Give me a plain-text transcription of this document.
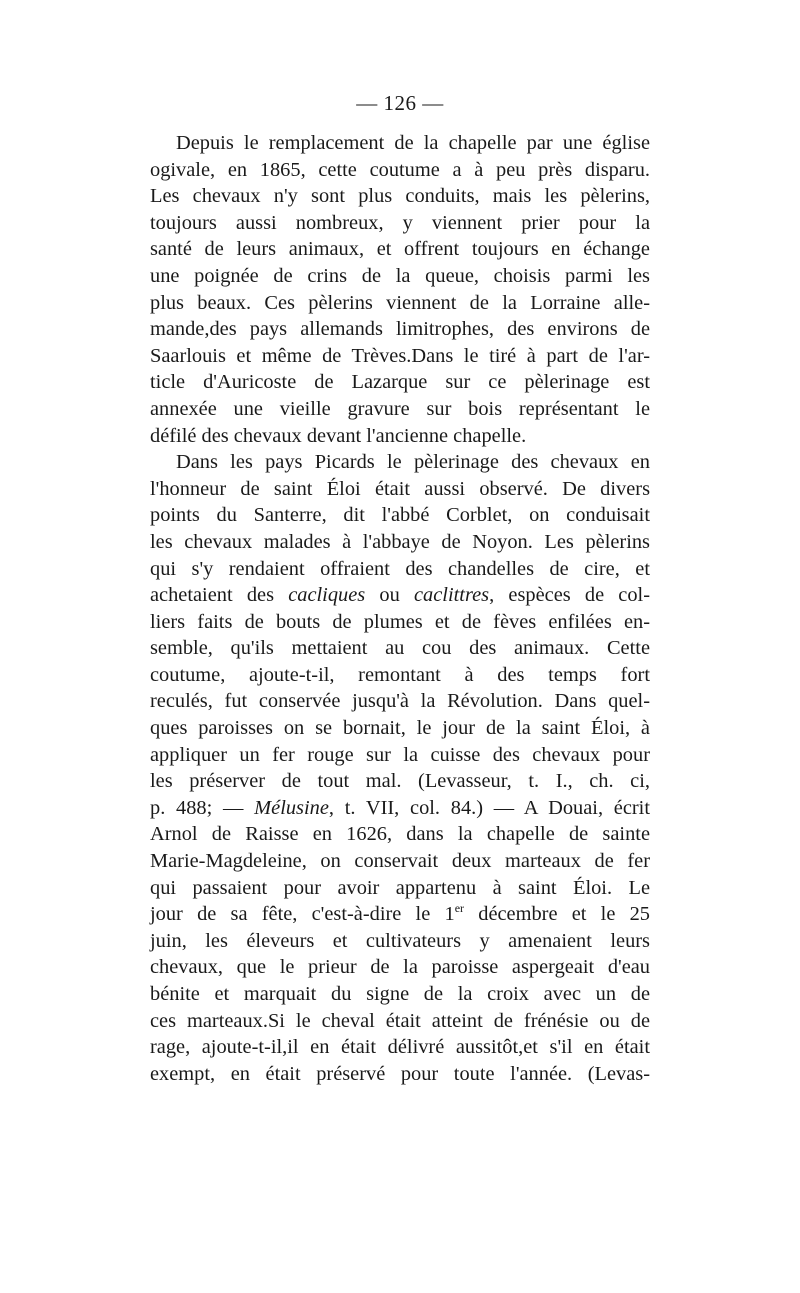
— 126 —
Depuis le remplacement de la chapelle par une église
ogivale, en 1865, cette coutume a à peu près disparu.
Les chevaux n'y sont plus conduits, mais les pèlerins,
toujours aussi nombreux, y viennent prier pour la
santé de leurs animaux, et offrent toujours en échange
une poignée de crins de la queue, choisis parmi les
plus beaux. Ces pèlerins viennent de la Lorraine alle-
mande,des pays allemands limitrophes, des environs de
Saarlouis et même de Trèves.Dans le tiré à part de l'ar-
ticle d'Auricoste de Lazarque sur ce pèlerinage est
annexée une vieille gravure sur bois représentant le
défilé des chevaux devant l'ancienne chapelle.
Dans les pays Picards le pèlerinage des chevaux en
l'honneur de saint Éloi était aussi observé. De divers
points du Santerre, dit l'abbé Corblet, on conduisait
les chevaux malades à l'abbaye de Noyon. Les pèlerins
qui s'y rendaient offraient des chandelles de cire, et
achetaient des cacliques ou caclittres, espèces de col-
liers faits de bouts de plumes et de fèves enfilées en-
semble, qu'ils mettaient au cou des animaux. Cette
coutume, ajoute-t-il, remontant à des temps fort
reculés, fut conservée jusqu'à la Révolution. Dans quel-
ques paroisses on se bornait, le jour de la saint Éloi, à
appliquer un fer rouge sur la cuisse des chevaux pour
les préserver de tout mal. (Levasseur, t. I., ch. ci,
p. 488; — Mélusine, t. VII, col. 84.) — A Douai, écrit
Arnol de Raisse en 1626, dans la chapelle de sainte
Marie-Magdeleine, on conservait deux marteaux de fer
qui passaient pour avoir appartenu à saint Éloi. Le
jour de sa fête, c'est-à-dire le 1er décembre et le 25
juin, les éleveurs et cultivateurs y amenaient leurs
chevaux, que le prieur de la paroisse aspergeait d'eau
bénite et marquait du signe de la croix avec un de
ces marteaux.Si le cheval était atteint de frénésie ou de
rage, ajoute-t-il,il en était délivré aussitôt,et s'il en était
exempt, en était préservé pour toute l'année. (Levas-
